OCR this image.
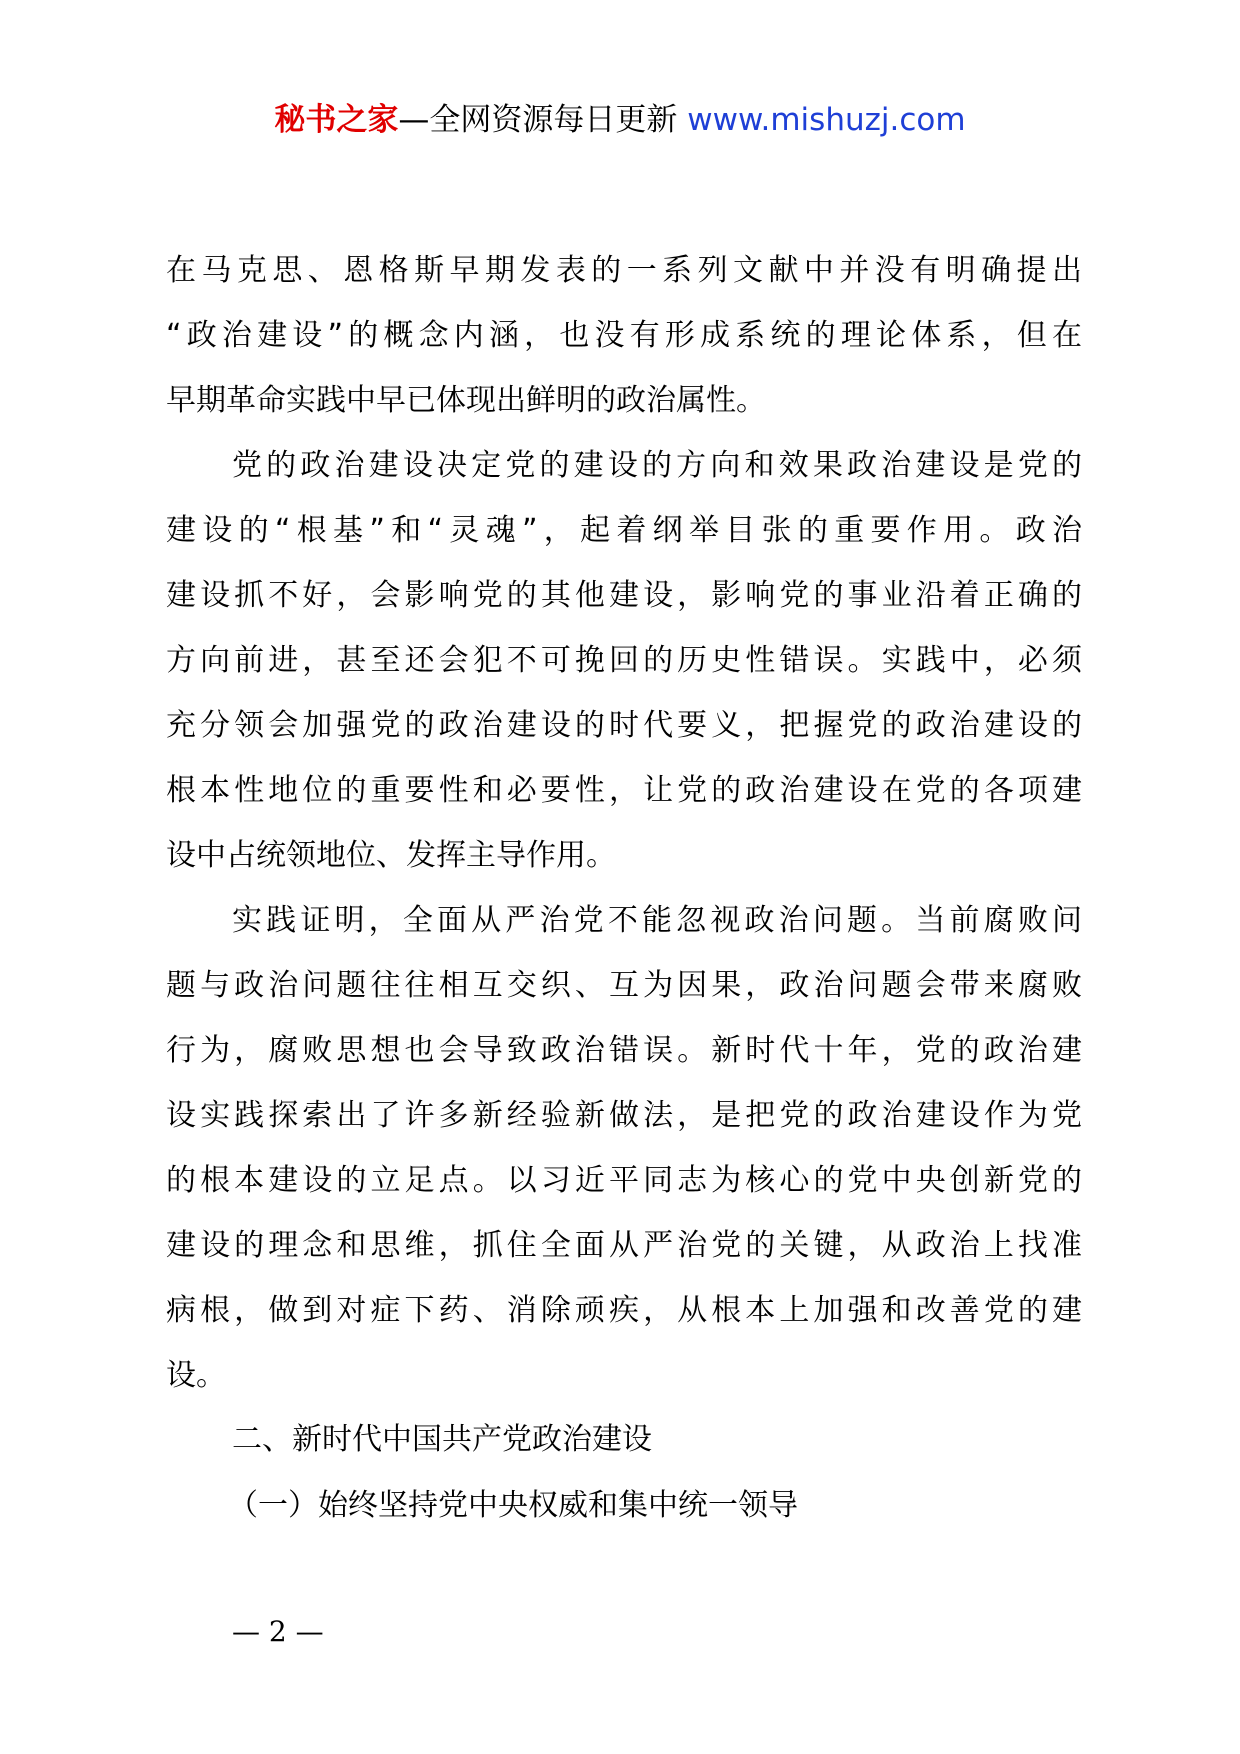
秘书之家—全网资源每日更新 www.mishuzj.com
在马克思、恩格斯早期发表的一系列文献中并没有明确提出
“政治建设”的概念内涵，也没有形成系统的理论体系，但在
早期革命实践中早已体现出鲜明的政治属性。
党的政治建设决定党的建设的方向和效果政治建设是党的
建设的“根基”和“灵魂”，起着纲举目张的重要作用。政治
建设抓不好，会影响党的其他建设，影响党的事业沿着正确的
方向前进，甚至还会犯不可挽回的历史性错误。实践中，必须
充分领会加强党的政治建设的时代要义，把握党的政治建设的
根本性地位的重要性和必要性，让党的政治建设在党的各项建
设中占统领地位、发挥主导作用。
实践证明，全面从严治党不能忽视政治问题。当前腐败问
题与政治问题往往相互交织、互为因果，政治问题会带来腐败
行为，腐败思想也会导致政治错误。新时代十年，党的政治建
设实践探索出了许多新经验新做法，是把党的政治建设作为党
的根本建设的立足点。以习近平同志为核心的党中央创新党的
建设的理念和思维，抓住全面从严治党的关键，从政治上找准
病根，做到对症下药、消除顽疾，从根本上加强和改善党的建
设。
二、新时代中国共产党政治建设
（一）始终坚持党中央权威和集中统一领导
— 2 —
